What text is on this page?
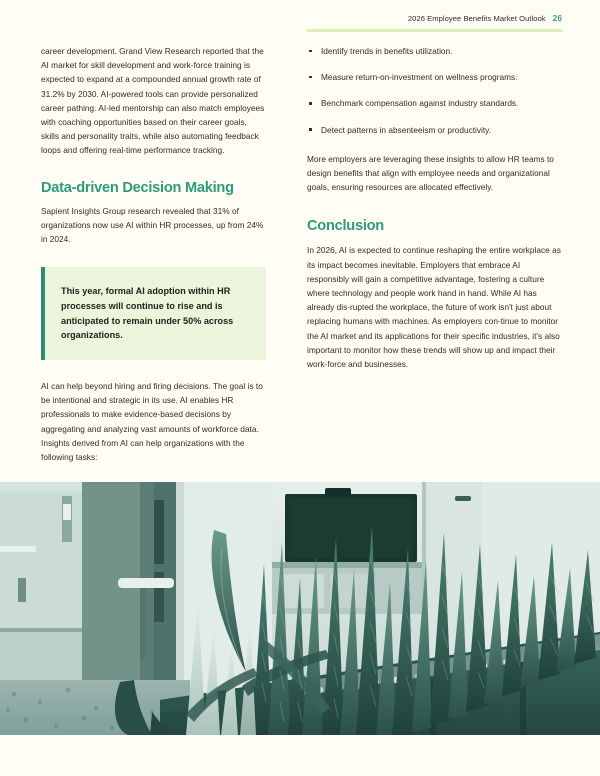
2026 Employee Benefits Market Outlook 26

career development. Grand View Research reported that the AI market for skill development and work-force training is expected to expand at a compounded annual growth rate of 31.2% by 2030. AI-powered tools can provide personalized career pathing. AI-led mentorship can also match employees with coaching opportunities based on their career goals, skills and personality traits, while also automating feedback loops and offering real-time performance tracking.

Data-driven Decision Making

Sapient Insights Group research revealed that 31% of organizations now use AI within HR processes, up from 24% in 2024.

This year, formal AI adoption within HR processes will continue to rise and is anticipated to remain under 50% across organizations.

AI can help beyond hiring and firing decisions. The goal is to be intentional and strategic in its use. AI enables HR professionals to make evidence-based decisions by aggregating and analyzing vast amounts of workforce data. Insights derived from AI can help organizations with the following tasks:

Identify trends in benefits utilization.
Measure return-on-investment on wellness programs.
Benchmark compensation against industry standards.
Detect patterns in absenteeism or productivity.

More employers are leveraging these insights to allow HR teams to design benefits that align with employee needs and organizational goals, ensuring resources are allocated effectively.

Conclusion

In 2026, AI is expected to continue reshaping the entire workplace as its impact becomes inevitable. Employers that embrace AI responsibly will gain a competitive advantage, fostering a culture where technology and people work hand in hand. While AI has already dis-rupted the workplace, the future of work isn't just about replacing humans with machines. As employers con-tinue to monitor the AI market and its applications for their specific industries, it's also important to monitor how these trends will show up and impact their work-force and businesses.
